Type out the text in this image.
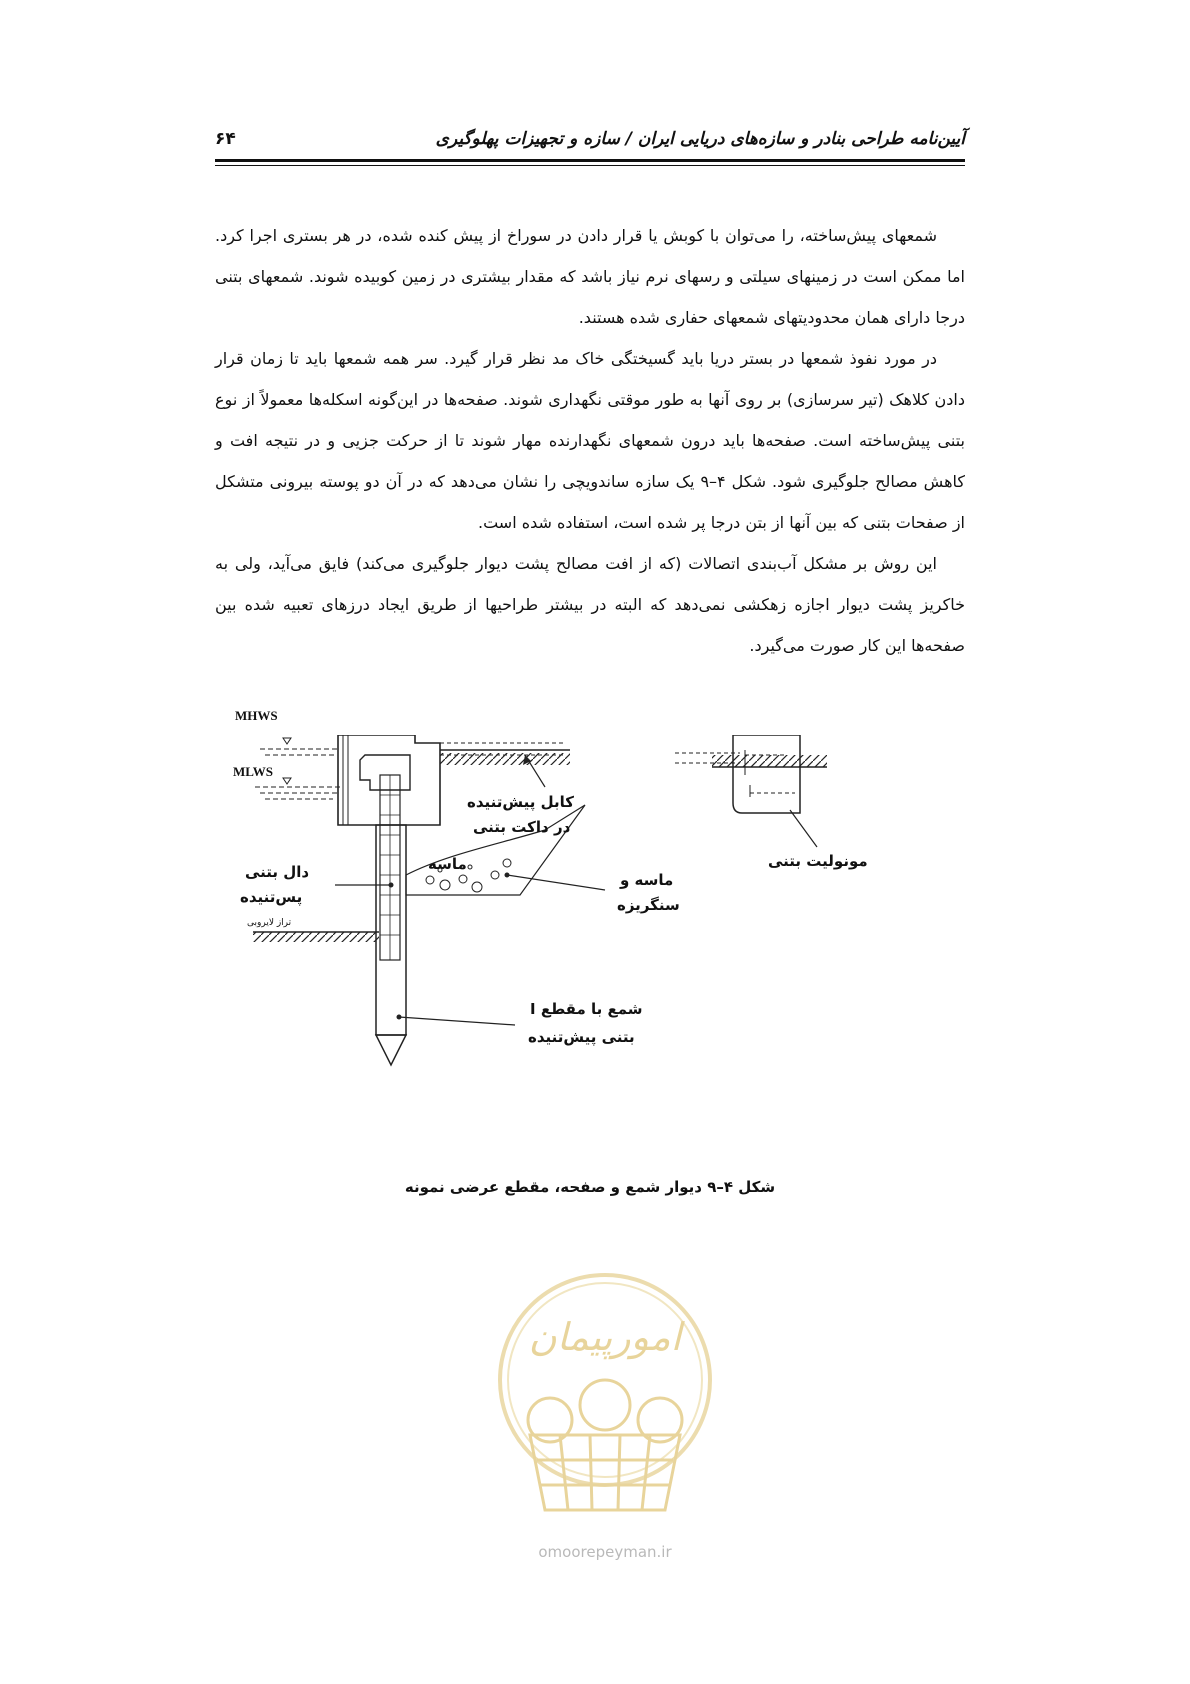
آیین‌نامه طراحی بنادر و سازه‌های دریایی ایران / سازه و تجهیزات پهلوگیری
۶۴

شمعهای پیش‌ساخته، را می‌توان با کوبش یا قرار دادن در سوراخ از پیش کنده شده، در هر بستری اجرا کرد. اما ممکن است در زمینهای سیلتی و رسهای نرم نیاز باشد که مقدار بیشتری در زمین کوبیده شوند. شمعهای بتنی درجا دارای همان محدودیتهای شمعهای حفاری شده هستند.

در مورد نفوذ شمعها در بستر دریا باید گسیختگی خاک مد نظر قرار گیرد. سر همه شمعها باید تا زمان قرار دادن کلاهک (تیر سرسازی) بر روی آنها به طور موقتی نگهداری شوند. صفحه‌ها در این‌گونه اسکله‌ها معمولاً از نوع بتنی پیش‌ساخته است. صفحه‌ها باید درون شمعهای نگهدارنده مهار شوند تا از حرکت جزیی و در نتیجه افت و کاهش مصالح جلوگیری شود. شکل ۴–۹ یک سازه ساندویچی را نشان می‌دهد که در آن دو پوسته بیرونی متشکل از صفحات بتنی که بین آنها از بتن درجا پر شده است، استفاده شده است.

این روش بر مشکل آب‌بندی اتصالات (که از افت مصالح پشت دیوار جلوگیری می‌کند) فایق می‌آید، ولی به خاکریز پشت دیوار اجازه زهکشی نمی‌دهد که البته در بیشتر طراحیها از طریق ایجاد درزهای تعبیه شده بین صفحه‌ها این کار صورت می‌گیرد.

MHWS
MLWS
کابل پیش‌تنیده
در داکت بتنی
ماسه
ماسه و
سنگریزه
دال بتنی
پس‌تنیده
تراز لایروبی
مونولیت بتنی
شمع با مقطع I
بتنی پیش‌تنیده
شکل ۴–۹ دیوار شمع و صفحه، مقطع عرضی نمونه
امورپیمان
omoorepeyman.ir
